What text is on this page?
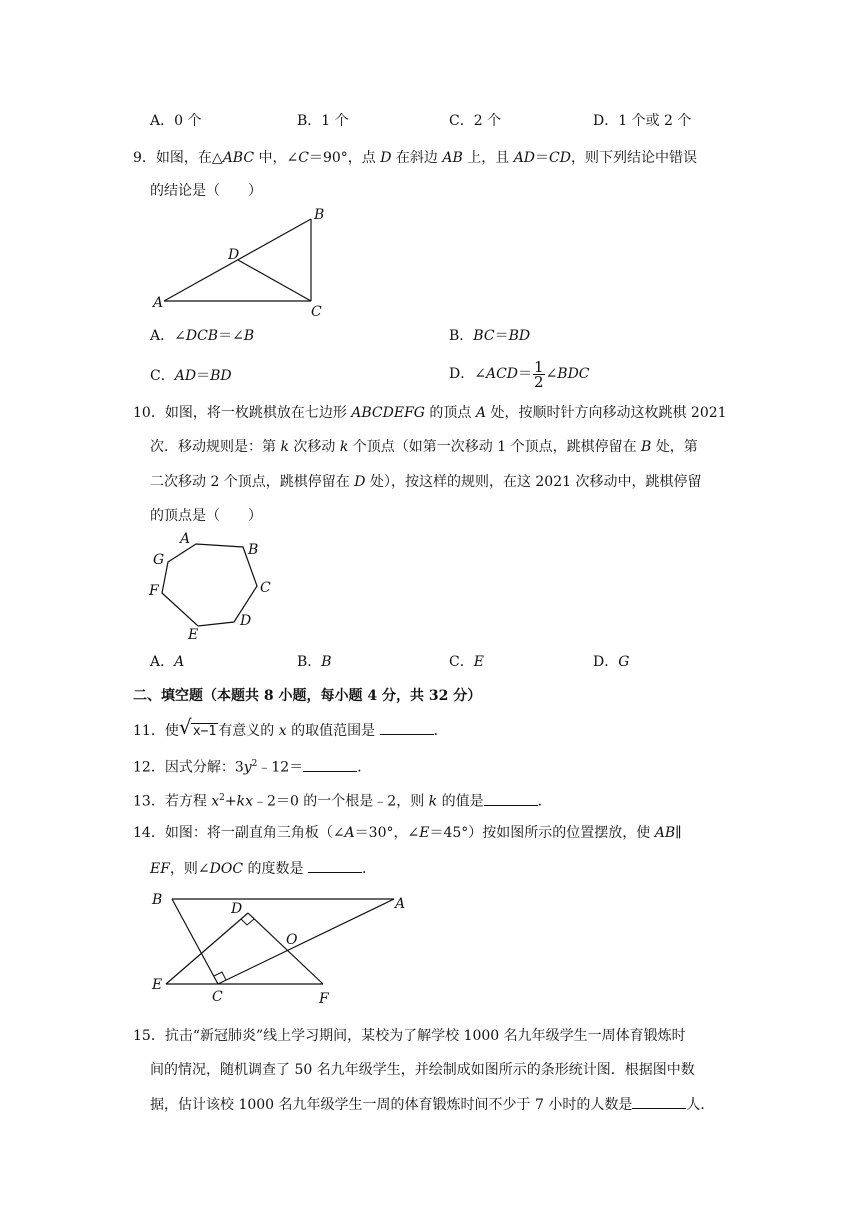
A．0 个	B．1 个	C．2 个	D．1 个或 2 个
9．如图，在△ABC 中，∠C＝90°，点 D 在斜边 AB 上，且 AD＝CD，则下列结论中错误
的结论是（　　）
A
B
C
D
A．∠DCB＝∠B	B．BC＝BD
C．AD＝BD	D．∠ACD＝ $\frac{1}{2}$ ∠BDC
10．如图，将一枚跳棋放在七边形 ABCDEFG 的顶点 A 处，按顺时针方向移动这枚跳棋 2021
次．移动规则是：第 k 次移动 k 个顶点（如第一次移动 1 个顶点，跳棋停留在 B 处，第
二次移动 2 个顶点，跳棋停留在 D 处），按这样的规则，在这 2021 次移动中，跳棋停留
的顶点是（　　）
A
B
C
D
E
F
G
A．A	B．B	C．E	D．G
二、填空题（本题共 8 小题，每小题 4 分，共 32 分）
11．使 √ x−1 有意义的 x 的取值范围是	．
12．因式分解：$3y^2﹣12=$	．
13．若方程 $x^2+kx﹣2=0$ 的一个根是﹣2，则 k 的值是	．
14．如图：将一副直角三角板（∠A＝30°，∠E＝45°）按如图所示的位置摆放，使 AB∥
EF，则∠DOC 的度数是	．
B	A
D
O
E
C	F
15．抗击“新冠肺炎”线上学习期间，某校为了解学校 1000 名九年级学生一周体育锻炼时
间的情况，随机调查了 50 名九年级学生，并绘制成如图所示的条形统计图．根据图中数
据，估计该校 1000 名九年级学生一周的体育锻炼时间不少于 7 小时的人数是	人．
